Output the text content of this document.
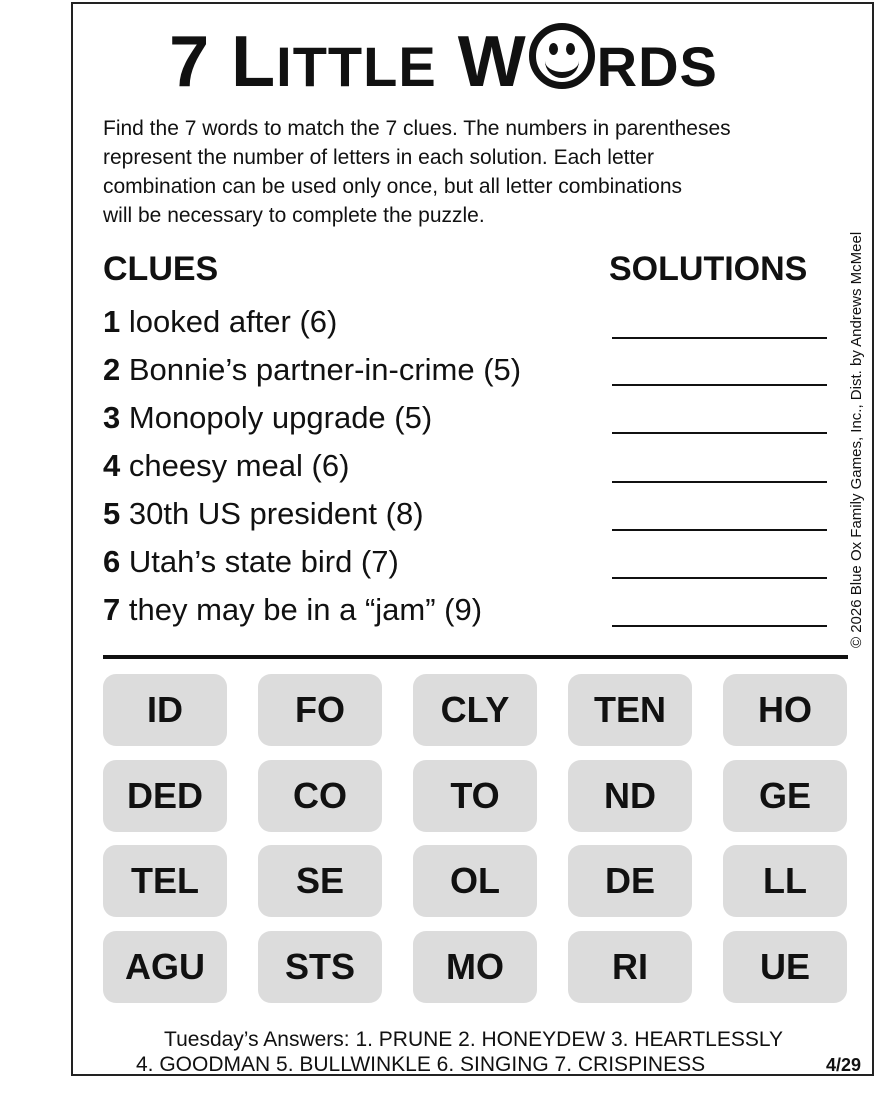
7 LITTLE W RDS
Find the 7 words to match the 7 clues. The numbers in parentheses
represent the number of letters in each solution. Each letter
combination can be used only once, but all letter combinations
will be necessary to complete the puzzle.
CLUES	SOLUTIONS
1 looked after (6)
2 Bonnie’s partner-in-crime (5)
3 Monopoly upgrade (5)
4 cheesy meal (6)
5 30th US president (8)
6 Utah’s state bird (7)
7 they may be in a “jam” (9)	© 2026 Blue Ox Family Games, Inc., Dist. by Andrews McMeel
ID	FO	CLY	TEN	HO
DED	CO	TO	ND	GE
TEL	SE	OL	DE	LL
AGU	STS	MO	RI	UE
Tuesday’s Answers: 1. PRUNE 2. HONEYDEW 3. HEARTLESSLY
4. GOODMAN 5. BULLWINKLE 6. SINGING 7. CRISPINESS	4/29
